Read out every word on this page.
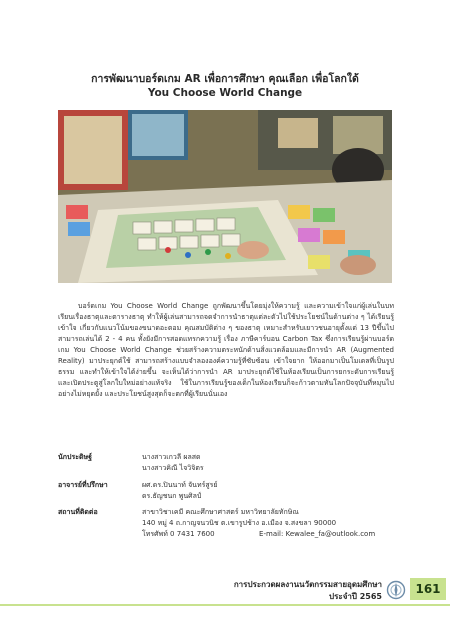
การพัฒนาบอร์ดเกม AR เพื่อการศึกษา คุณเลือก เพื่อโลกใด้
You Choose World Change

บอร์ดเกม You Choose World Change ถูกพัฒนาขึ้นโดยมุ่งให้ความรู้ และความเข้าใจแก่ผู้เล่นในบทเรียนเรื่องธาตุและตารางธาตุ ทำให้ผู้เล่นสามารถจดจำการนำธาตุแต่ละตัวไปใช้ประโยชน์ในด้านต่าง ๆ ได้เรียนรู้ เข้าใจ เกี่ยวกับแนวโน้มของขนาดอะตอม คุณสมบัติต่าง ๆ ของธาตุ เหมาะสำหรับเยาวชนอายุตั้งแต่ 13 ปีขึ้นไป สามารถเล่นได้ 2 - 4 คน ทั้งยังมีการสอดแทรกความรู้ เรื่อง ภาษีคาร์บอน Carbon Tax ซึ่งการเรียนรู้ผ่านบอร์ดเกม You Choose World Change ช่วยสร้างความตระหนักด้านสิ่งแวดล้อมและมีการนำ AR (Augmented Reality) มาประยุกต์ใช้ สามารถสร้างแบบจำลององค์ความรู้ที่ซับซ้อน เข้าใจยาก ให้ออกมาเป็นโมเดลที่เป็นรูปธรรม และทำให้เข้าใจได้ง่ายขึ้น จะเห็นได้ว่าการนำ AR มาประยุกต์ใช้ในห้องเรียนเป็นการยกระดับการเรียนรู้ และเปิดประตูสู่โลกใบใหม่อย่างแท้จริง ใช้ในการเรียนรู้ของเด็กในห้องเรียนก็จะก้าวตามทันโลกปัจจุบันที่หมุนไปอย่างไม่หยุดยั้ง และประโยชน์สูงสุดก็จะตกที่ผู้เรียนนั่นเอง

นักประดิษฐ์	นางสาวเกวลี ผลสด
นางสาวคิณี ไจวิจิตร
อาจารย์ที่ปรึกษา	ผศ.ดร.ปินนาท์ จันทร์สูรย์
ดร.ธัญชนก พูนศิลป์
สถานที่ติดต่อ	สาขาวิชาเคมี คณะศึกษาศาสตร์ มหาวิทยาลัยทักษิณ
140 หมู่ 4 ถ.กาญจนวนิช ต.เขารูปช้าง อ.เมือง จ.สงขลา 90000
โทรศัพท์ 0 7431 7600	E-mail: Kewalee_fa@outlook.com
การประกวดผลงานนวัตกรรมสายอุดมศึกษา
ประจำปี 2565
161
